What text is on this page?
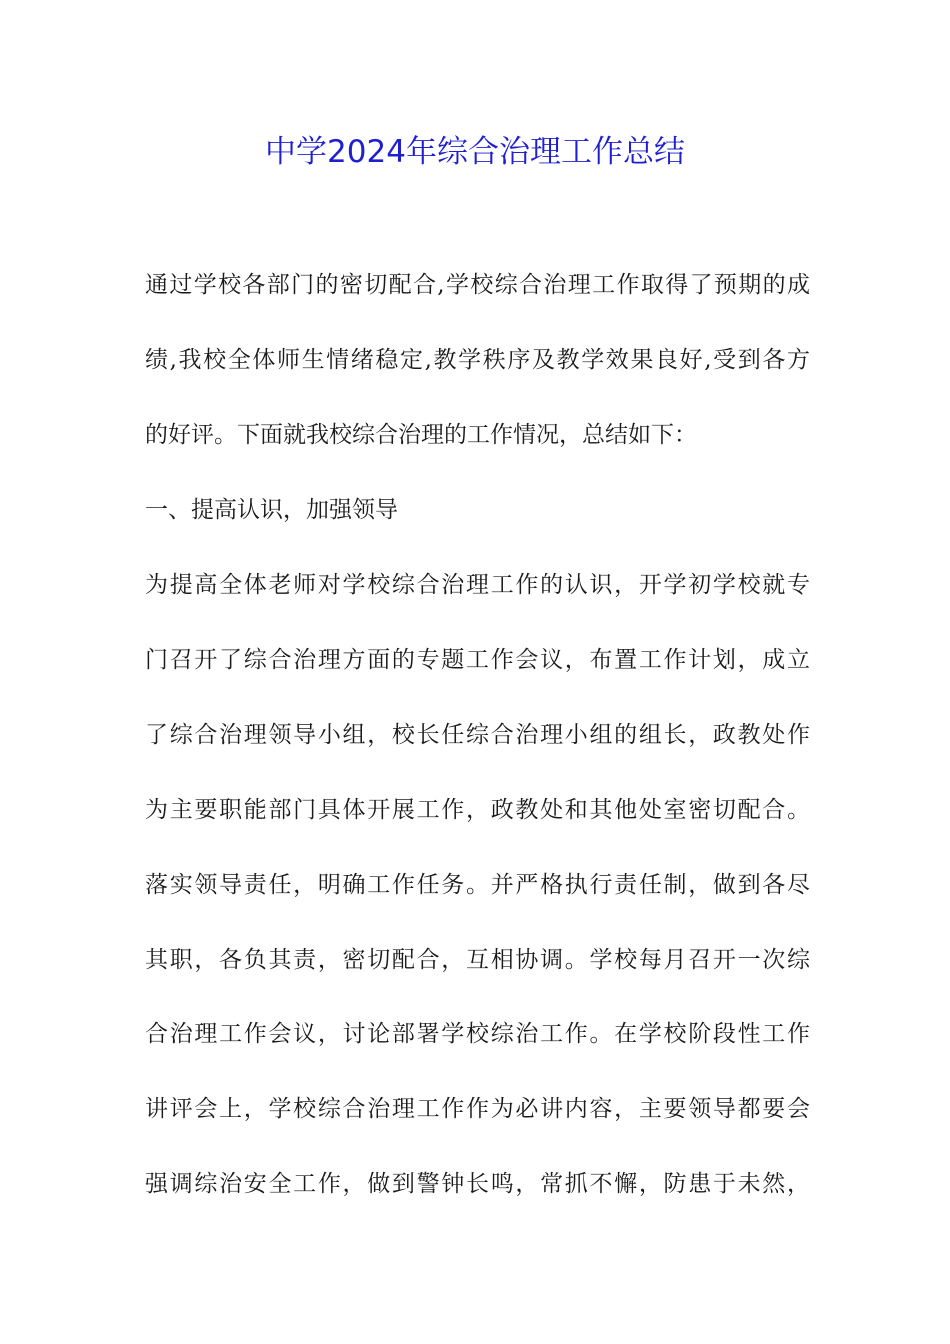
中学2024年综合治理工作总结
通过学校各部门的密切配合,学校综合治理工作取得了预期的成
绩,我校全体师生情绪稳定,教学秩序及教学效果良好,受到各方
的好评。下面就我校综合治理的工作情况，总结如下：
一、提高认识，加强领导
为提高全体老师对学校综合治理工作的认识，开学初学校就专
门召开了综合治理方面的专题工作会议，布置工作计划，成立
了综合治理领导小组，校长任综合治理小组的组长，政教处作
为主要职能部门具体开展工作，政教处和其他处室密切配合。
落实领导责任，明确工作任务。并严格执行责任制，做到各尽
其职，各负其责，密切配合，互相协调。学校每月召开一次综
合治理工作会议，讨论部署学校综治工作。在学校阶段性工作
讲评会上，学校综合治理工作作为必讲内容，主要领导都要会
强调综治安全工作，做到警钟长鸣，常抓不懈，防患于未然，
